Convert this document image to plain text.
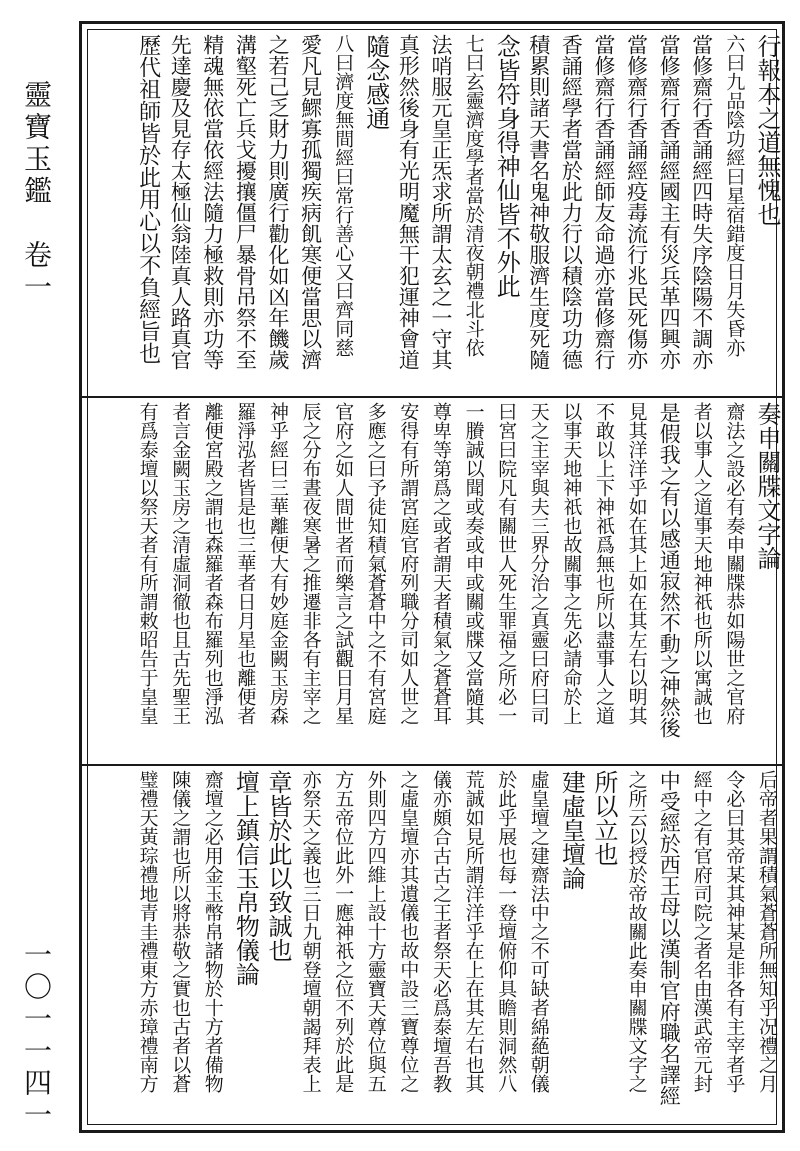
靈寶玉鑑　卷一
一〇一一四一
行報本之道無愧也
六曰九品陰功經曰星宿錯度日月失昏亦
當修齋行香誦經四時失序陰陽不調亦
當修齋行香誦經國主有災兵革四興亦
當修齋行香誦經疫毒流行兆民死傷亦
當修齋行香誦經師友命過亦當修齋行
香誦經學者當於此力行以積陰功功德
積累則諸天書名鬼神敬服濟生度死隨
念皆符身得神仙皆不外此
七曰玄靈濟度學者當於清夜朝禮北斗依
法哨服元皇正炁求所謂太玄之一守其
真形然後身有光明魔無干犯運神會道
隨念感通
八曰濟度無間經曰常行善心又曰齊同慈
愛凡見鰥寡孤獨疾病飢寒便當思以濟
之若己乏財力則廣行勸化如凶年饑歲
溝壑死亡兵戈擾攘僵尸暴骨吊祭不至
精魂無依當依經法隨力極救則亦功等
先達慶及見存太極仙翁陸真人路真官
歷代祖師皆於此用心以不負經旨也
奏申關牒文字論
齋法之設必有奏申關牒恭如陽世之官府
者以事人之道事天地神祇也所以寓誠也
是假我之有以感通寂然不動之神然後
見其洋洋乎如在其上如在其左右以明其
不敢以上下神祇爲無也所以盡事人之道
以事天地神祇也故關事之先必請命於上
天之主宰與夫三界分治之真靈曰府曰司
曰宮曰院凡有關世人死生罪福之所必一
一賸誠以聞或奏或申或關或牒又當隨其
尊卑等第爲之或者謂天者積氣之蒼蒼耳
安得有所謂宮庭官府列職分司如人世之
多應之曰予徒知積氣蒼蒼中之不有宮庭
官府之如人間世者而樂言之試觀日月星
辰之分布晝夜寒暑之推遷非各有主宰之
神乎經曰三華離便大有妙庭金闕玉房森
羅淨泓者皆是也三華者日月星也離便者
離便宮殿之謂也森羅者森布羅列也淨泓
者言金闕玉房之清虛洞徹也且古先聖王
有爲泰壇以祭天者有所謂敕昭告于皇皇
后帝者果謂積氣蒼蒼所無知乎况禮之月
令必曰其帝某其神某是非各有主宰者乎
經中之有官府司院之者名由漢武帝元封
中受經於西王母以漢制官府職名譯經
之所云以授於帝故關此奏申關牒文字之
所以立也
建虛皇壇論
虛皇壇之建齋法中之不可缺者綿蕝朝儀
於此乎展也每一登壇俯仰具瞻則洞然八
荒誠如見所謂洋洋乎在上在其左右也其
儀亦頗合古古之王者祭天必爲泰壇吾教
之虛皇壇亦其遺儀也故中設三寶尊位之
外則四方四維上設十方靈寶天尊位與五
方五帝位此外一應神祇之位不列於此是
亦祭天之義也三日九朝登壇朝謁拜表上
章皆於此以致誠也
壇上鎮信玉帛物儀論
齋壇之必用金玉幣帛諸物於十方者備物
陳儀之謂也所以將恭敬之實也古者以蒼
璧禮天黃琮禮地青圭禮東方赤璋禮南方
